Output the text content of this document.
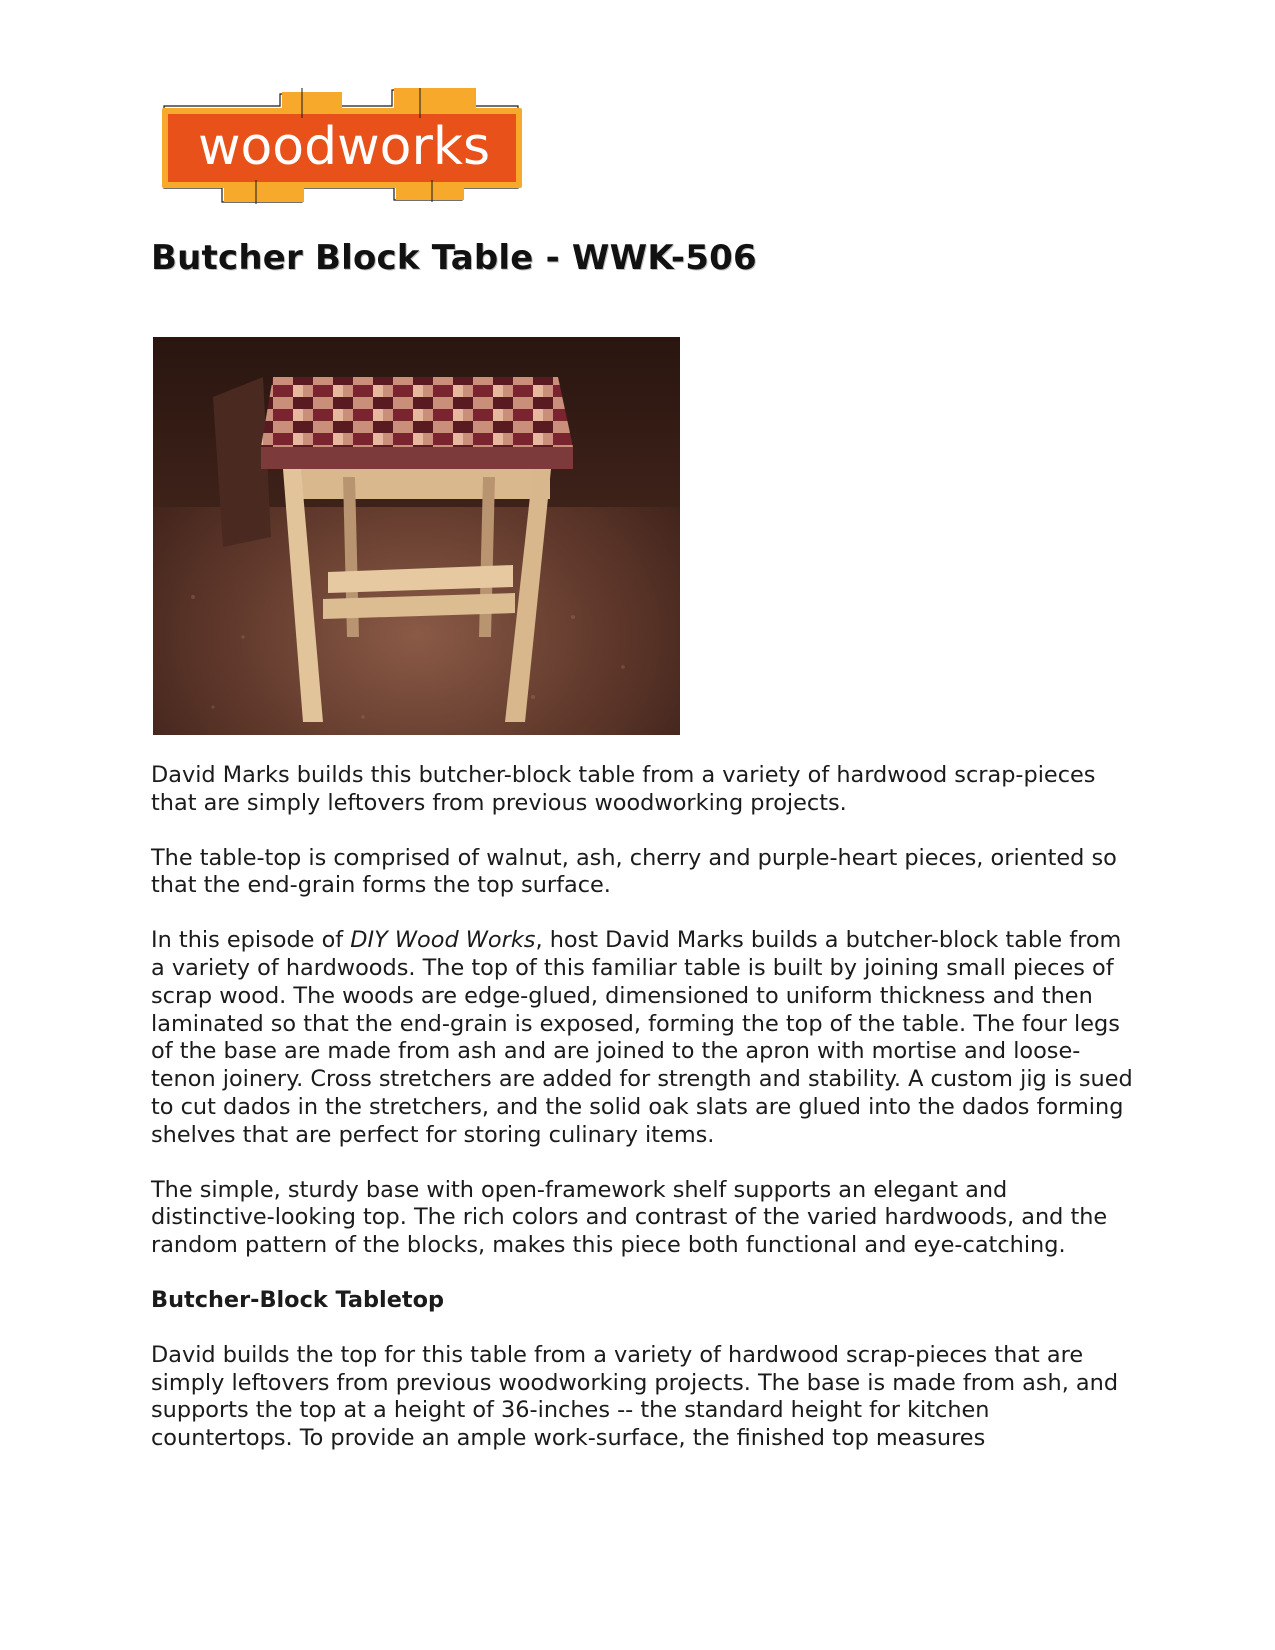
woodworks
Butcher Block Table - WWK-506

David Marks builds this butcher-block table from a variety of hardwood scrap-pieces that are simply leftovers from previous woodworking projects.

The table-top is comprised of walnut, ash, cherry and purple-heart pieces, oriented so that the end-grain forms the top surface.

In this episode of DIY Wood Works, host David Marks builds a butcher-block table from a variety of hardwoods. The top of this familiar table is built by joining small pieces of scrap wood. The woods are edge-glued, dimensioned to uniform thickness and then laminated so that the end-grain is exposed, forming the top of the table. The four legs of the base are made from ash and are joined to the apron with mortise and loose-tenon joinery. Cross stretchers are added for strength and stability. A custom jig is sued to cut dados in the stretchers, and the solid oak slats are glued into the dados forming shelves that are perfect for storing culinary items.

The simple, sturdy base with open-framework shelf supports an elegant and distinctive-looking top. The rich colors and contrast of the varied hardwoods, and the random pattern of the blocks, makes this piece both functional and eye-catching.

Butcher-Block Tabletop

David builds the top for this table from a variety of hardwood scrap-pieces that are simply leftovers from previous woodworking projects. The base is made from ash, and supports the top at a height of 36-inches -- the standard height for kitchen countertops. To provide an ample work-surface, the finished top measures
